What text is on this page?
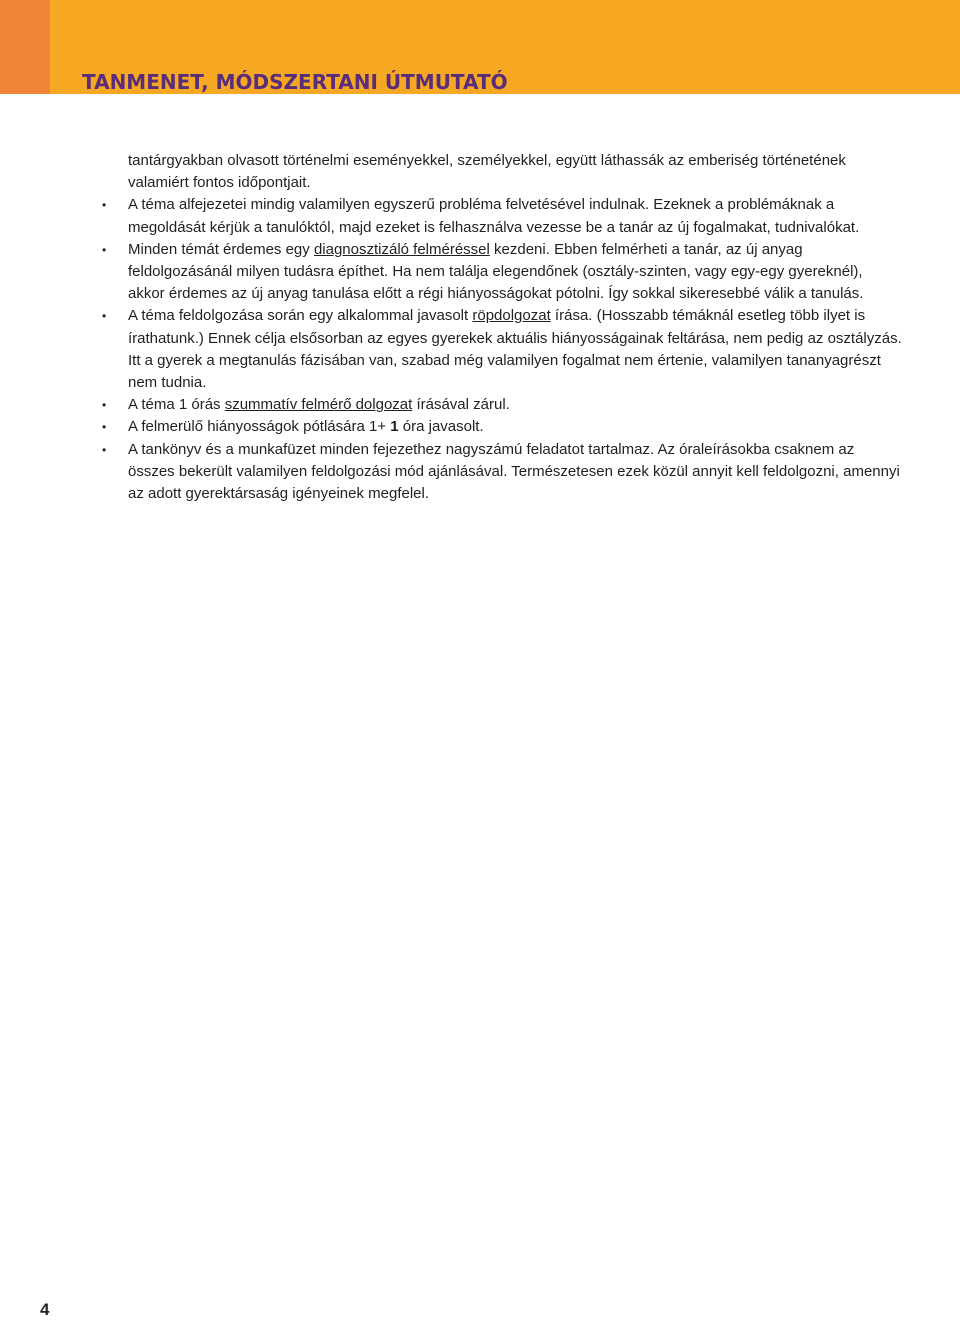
TANMENET, MÓDSZERTANI ÚTMUTATÓ

tantárgyakban olvasott történelmi eseményekkel, személyekkel, együtt láthassák az emberiség történetének valamiért fontos időpontjait.

• A téma alfejezetei mindig valamilyen egyszerű probléma felvetésével indulnak. Ezeknek a problémáknak a megoldását kérjük a tanulóktól, majd ezeket is felhasználva vezesse be a tanár az új fogalmakat, tudnivalókat.

• Minden témát érdemes egy diagnosztizáló felméréssel kezdeni. Ebben felmérheti a tanár, az új anyag feldolgozásánál milyen tudásra építhet. Ha nem találja elegendőnek (osztály-szinten, vagy egy-egy gyereknél), akkor érdemes az új anyag tanulása előtt a régi hiányosságokat pótolni. Így sokkal sikeresebbé válik a tanulás.

• A téma feldolgozása során egy alkalommal javasolt röpdolgozat írása. (Hosszabb témáknál esetleg több ilyet is írathatunk.) Ennek célja elsősorban az egyes gyerekek aktuális hiányosságainak feltárása, nem pedig az osztályzás. Itt a gyerek a megtanulás fázisában van, szabad még valamilyen fogalmat nem értenie, valamilyen tananyagrészt nem tudnia.

• A téma 1 órás szummatív felmérő dolgozat írásával zárul.

• A felmerülő hiányosságok pótlására 1+ 1 óra javasolt.

• A tankönyv és a munkafüzet minden fejezethez nagyszámú feladatot tartalmaz. Az óraleírásokba csaknem az összes bekerült valamilyen feldolgozási mód ajánlásával. Természetesen ezek közül annyit kell feldolgozni, amennyi az adott gyerektársaság igényeinek megfelel.

4
